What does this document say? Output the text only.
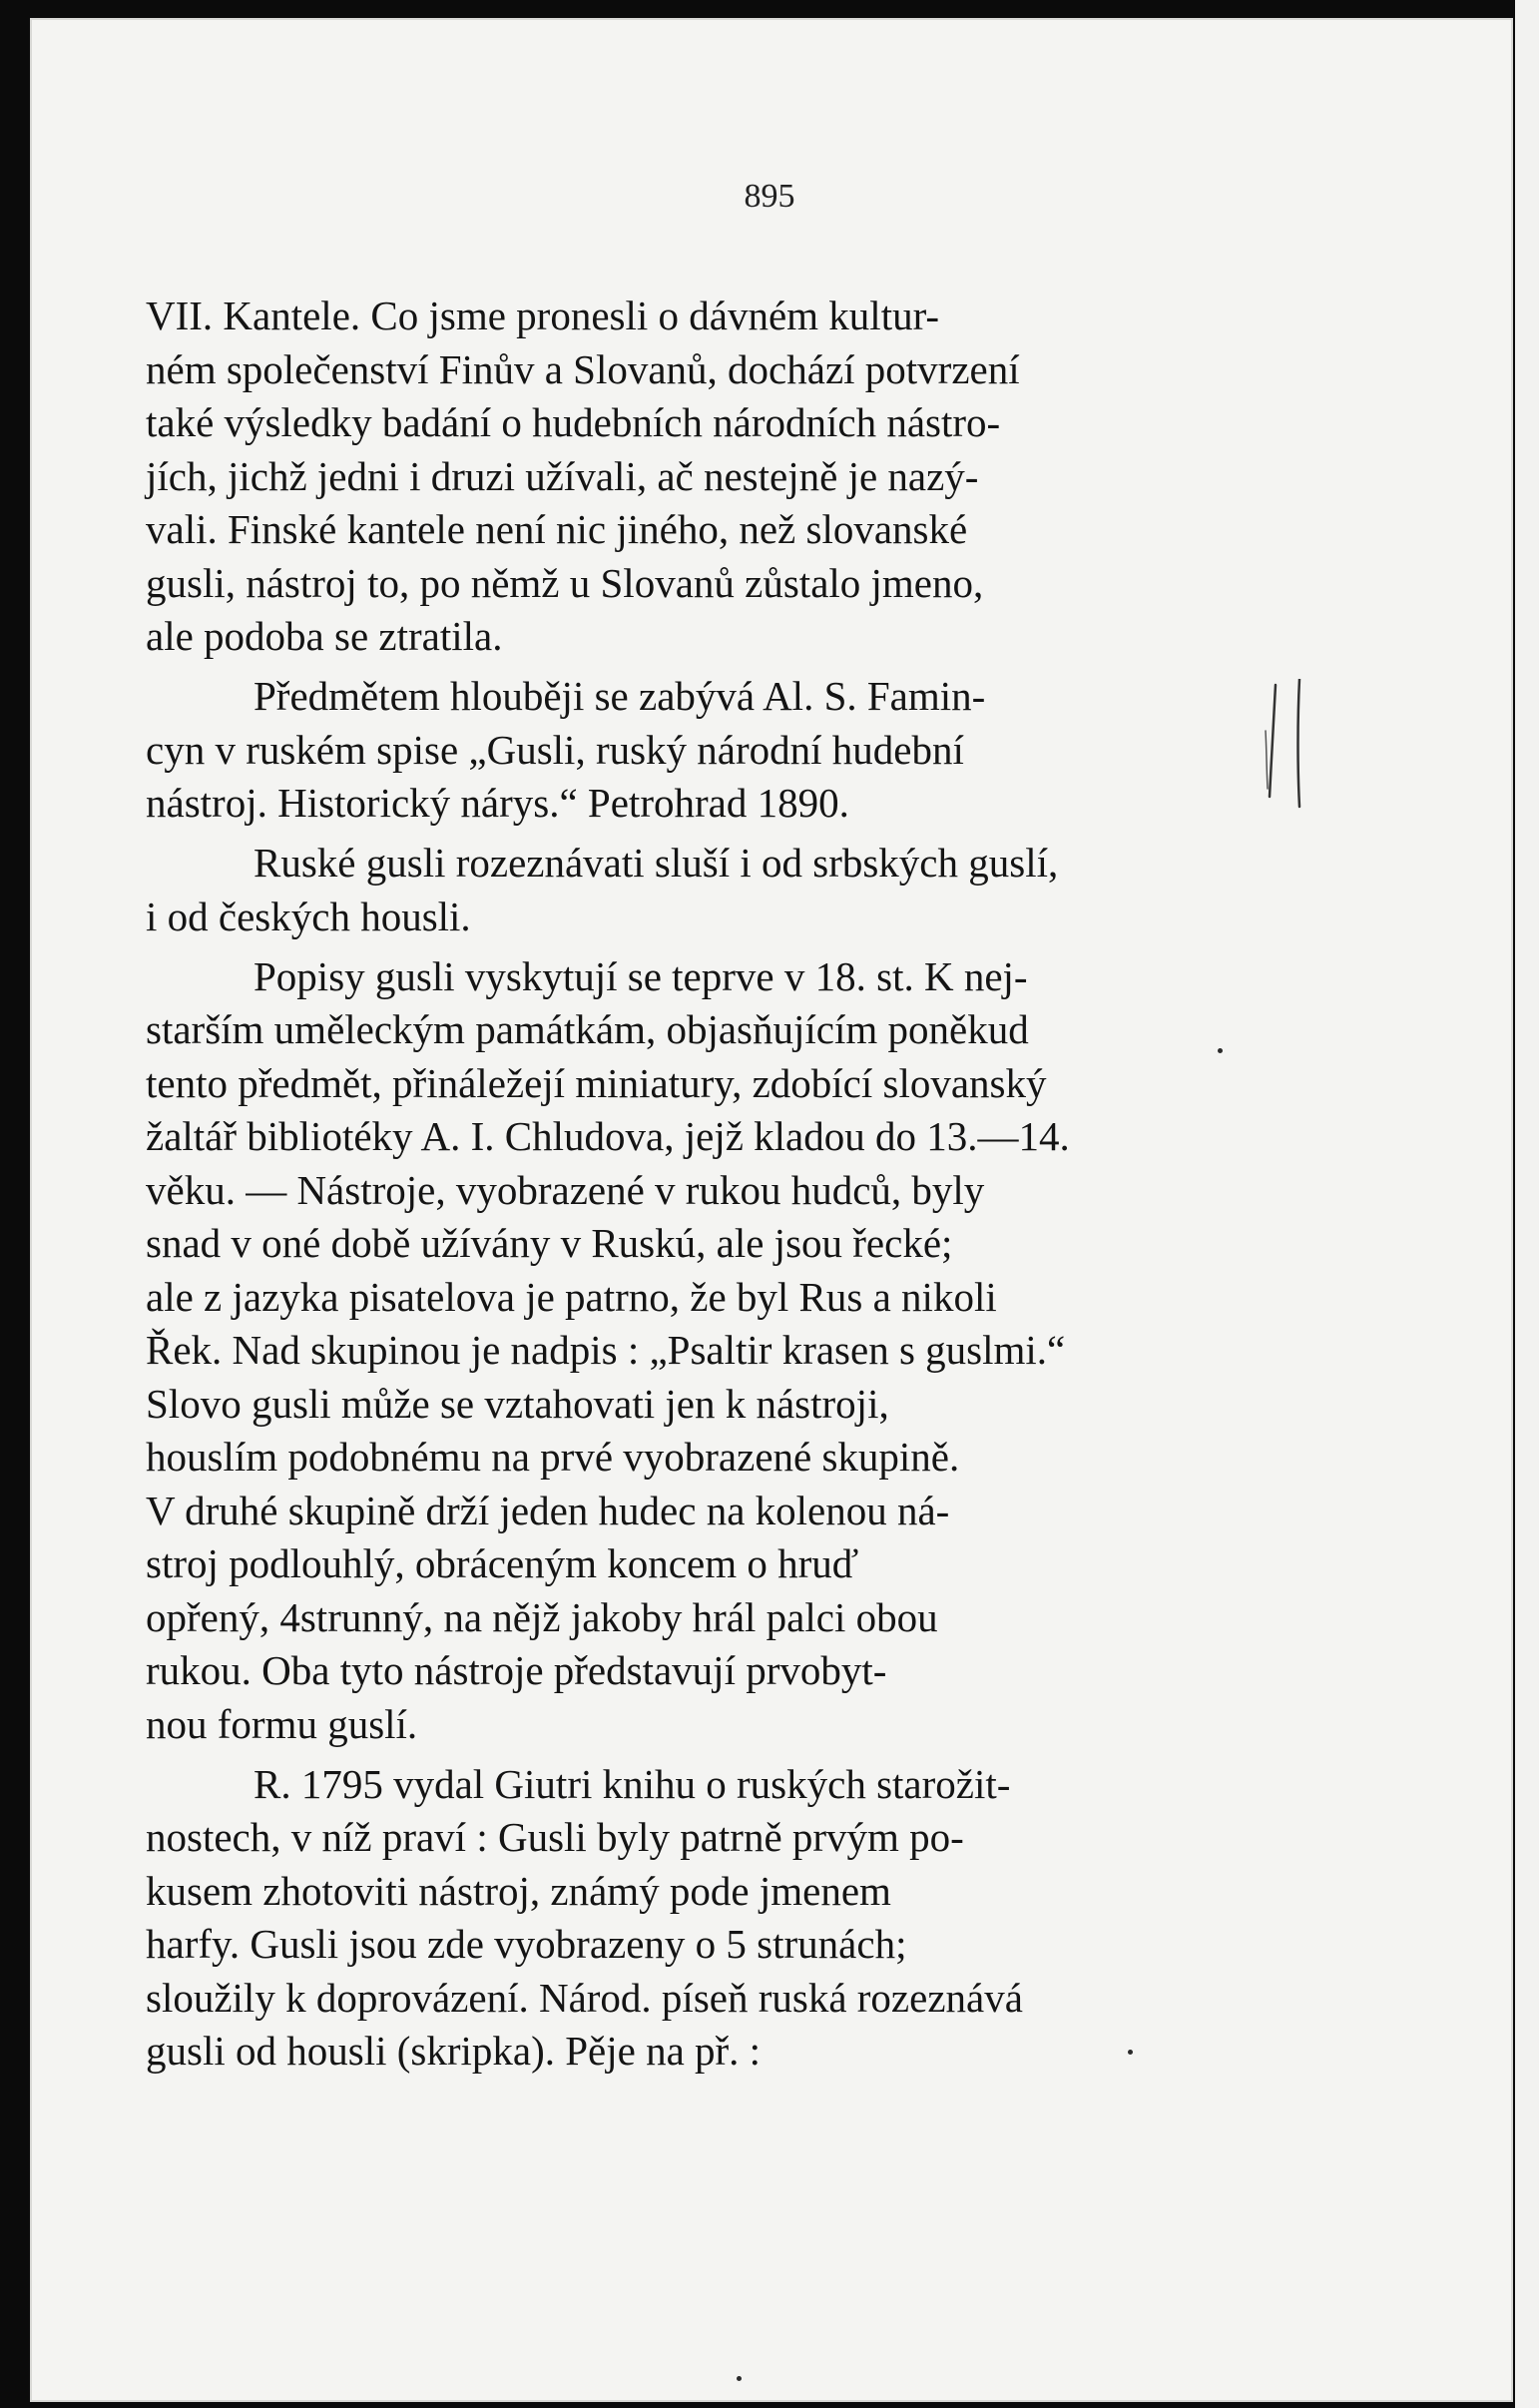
895
VII. Kantele. Co jsme pronesli o dávném kultur-
ném společenství Finův a Slovanů, dochází potvrzení
také výsledky badání o hudebních národních nástro-
jích, jichž jedni i druzi užívali, ač nestejně je nazý-
vali. Finské kantele není nic jiného, než slovanské
gusli, nástroj to, po němž u Slovanů zůstalo jmeno,
ale podoba se ztratila.
Předmětem hlouběji se zabývá Al. S. Famin-
cyn v ruském spise „Gusli, ruský národní hudební
nástroj. Historický nárys.“ Petrohrad 1890.
Ruské gusli rozeznávati sluší i od srbských guslí,
i od českých housli.
Popisy gusli vyskytují se teprve v 18. st. K nej-
starším uměleckým památkám, objasňujícím poněkud
tento předmět, přináležejí miniatury, zdobící slovanský
žaltář bibliotéky A. I. Chludova, jejž kladou do 13.—14.
věku. — Nástroje, vyobrazené v rukou hudců, byly
snad v oné době užívány v Ruskú, ale jsou řecké;
ale z jazyka pisatelova je patrno, že byl Rus a nikoli
Řek. Nad skupinou je nadpis : „Psaltir krasen s guslmi.“
Slovo gusli může se vztahovati jen k nástroji,
houslím podobnému na prvé vyobrazené skupině.
V druhé skupině drží jeden hudec na kolenou ná-
stroj podlouhlý, obráceným koncem o hruď
opřený, 4strunný, na nějž jakoby hrál palci obou
rukou. Oba tyto nástroje představují prvobyt-
nou formu guslí.
R. 1795 vydal Giutri knihu o ruských starožit-
nostech, v níž praví : Gusli byly patrně prvým po-
kusem zhotoviti nástroj, známý pode jmenem
harfy. Gusli jsou zde vyobrazeny o 5 strunách;
sloužily k doprovázení. Národ. píseň ruská rozeznává
gusli od housli (skripka). Pěje na př. :
